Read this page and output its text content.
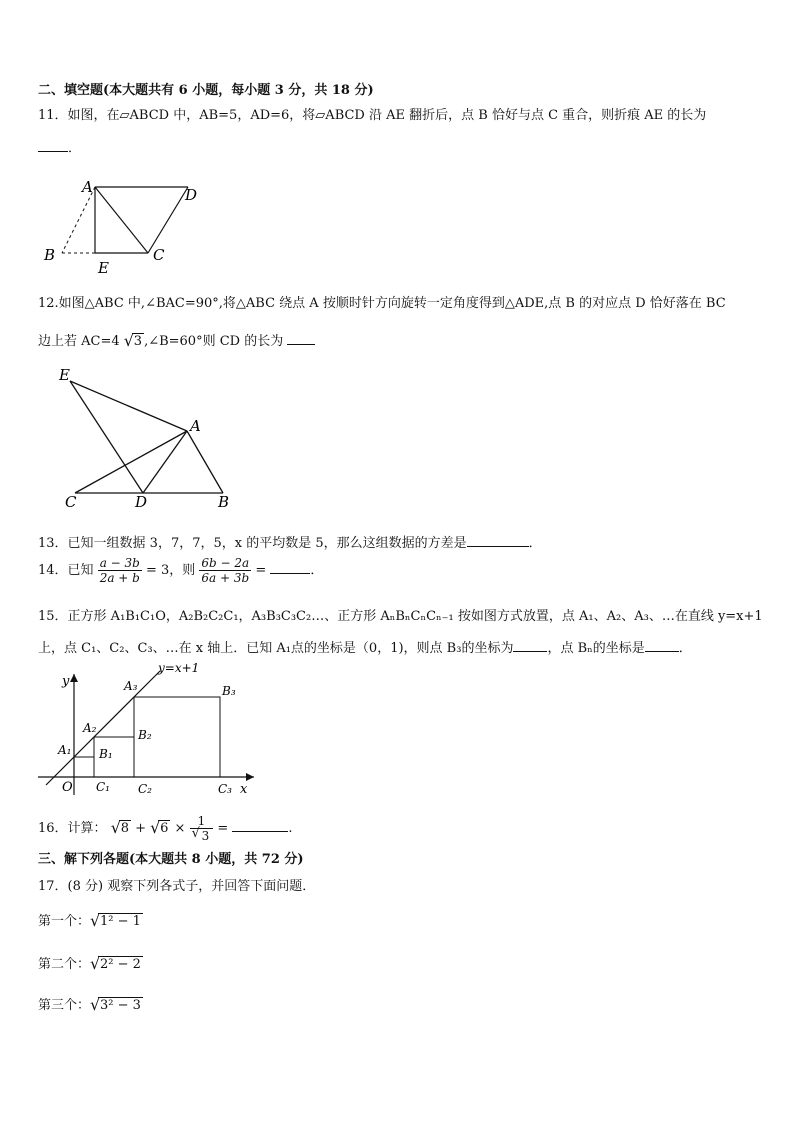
二、填空题(本大题共有 6 小题，每小题 3 分，共 18 分)
11．如图，在▱ABCD 中，AB=5，AD=6，将▱ABCD 沿 AE 翻折后，点 B 恰好与点 C 重合，则折痕 AE 的长为
．
A	D
B	C
E
12.如图△ABC 中,∠BAC=90°,将△ABC 绕点 A 按顺时针方向旋转一定角度得到△ADE,点 B 的对应点 D 恰好落在 BC
边上若 AC=4 √ 3 ,∠B=60°则 CD 的长为
E
A
C	D	B
13．已知一组数据 3，7，7，5，x 的平均数是 5，那么这组数据的方差是	．
14．已知 $\frac{a - 3b}{2a + b} = 3$，则 $\frac{6b - 2a}{6a + 3b}$ =	．
15．正方形 A₁B₁C₁O，A₂B₂C₂C₁，A₃B₃C₃C₂…、正方形 AₙBₙCₙCₙ₋₁ 按如图方式放置，点 A₁、A₂、A₃、…在直线 y=x+1
上，点 C₁、C₂、C₃、…在 x 轴上．已知 A₁点的坐标是（0，1)，则点 B₃的坐标为	，点 Bₙ的坐标是	．
y
x
O
y=x+1
A₁
A₂
A₃
B₁
B₂
B₃
C₁ C₂	C₃
16．计算： √ 8 + √ $6 \times \frac{1}{√ 3}$ =	.
三、解下列各题(本大题共 8 小题，共 72 分)
17．(8 分) 观察下列各式子，并回答下面问题．
第一个： √ 1² − 1
第二个： √ 2² − 2
第三个： √ 3² − 3
